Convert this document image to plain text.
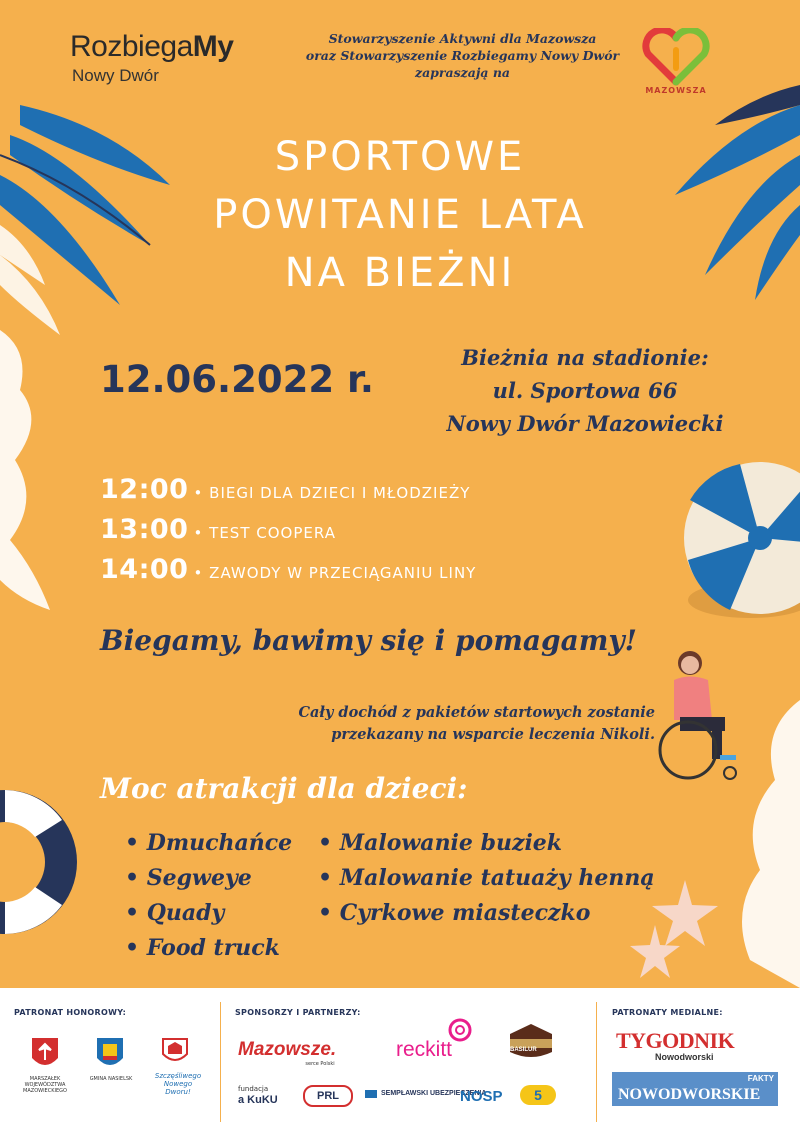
RozbiegaMy
Nowy Dwór
Stowarzyszenie Aktywni dla Mazowsza
oraz Stowarzyszenie Rozbiegamy Nowy Dwór
zapraszają na
MAZOWSZA
SPORTOWE
POWITANIE LATA
NA BIEŻNI
12.06.2022 r.
Bieżnia na stadionie:
ul. Sportowa 66
Nowy Dwór Mazowiecki
12:00 • BIEGI DLA DZIECI I MŁODZIEŻY
13:00 • TEST COOPERA
14:00 • ZAWODY W PRZECIĄGANIU LINY
Biegamy, bawimy się i pomagamy!
Cały dochód z pakietów startowych zostanie
przekazany na wsparcie leczenia Nikoli.
Moc atrakcji dla dzieci:
• Dmuchańce
• Segweye
• Quady
• Food truck
• Malowanie buziek
• Malowanie tatuaży henną
• Cyrkowe miasteczko
PATRONAT HONOROWY:	SPONSORZY I PARTNERZY:	PATRONATY MEDIALNE:
MARSZAŁEK WOJEWÓDZTWA MAZOWIECKIEGO
GMINA NASIELSK	Szczęśliwego Nowego Dworu!
Mazowsze.
serce Polski
reckitt	BASILUR
fundacja
a KuKU	PRL	SEMPŁAWSKI UBEZPIECZENIA
NOSP	5
TYGODNIK
Nowodworski
FAKTY
NOWODWORSKIE
